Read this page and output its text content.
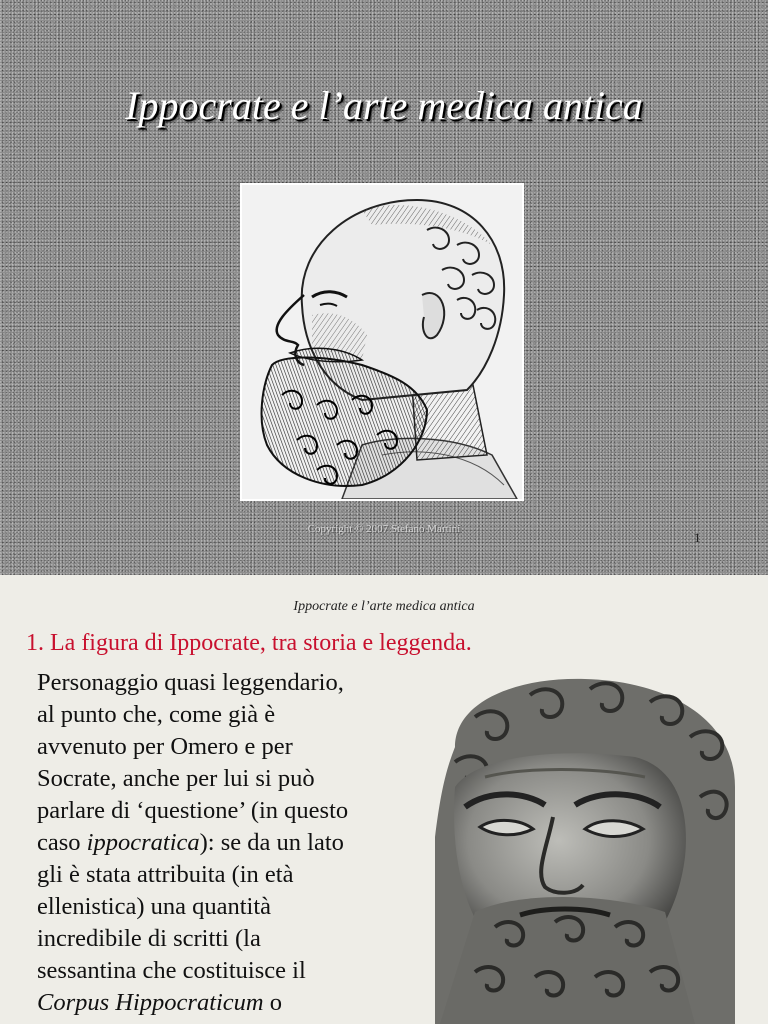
Ippocrate e l’arte medica antica
Copyright © 2007 Stefano Martini
1
Ippocrate e l’arte medica antica
1. La figura di Ippocrate, tra storia e leggenda.
Personaggio quasi leggendario,
al punto che, come già è
avvenuto per Omero e per
Socrate, anche per lui si può
parlare di ‘questione’ (in questo
caso ippocratica): se da un lato
gli è stata attribuita (in età
ellenistica) una quantità
incredibile di scritti (la
sessantina che costituisce il
Corpus Hippocraticum o
